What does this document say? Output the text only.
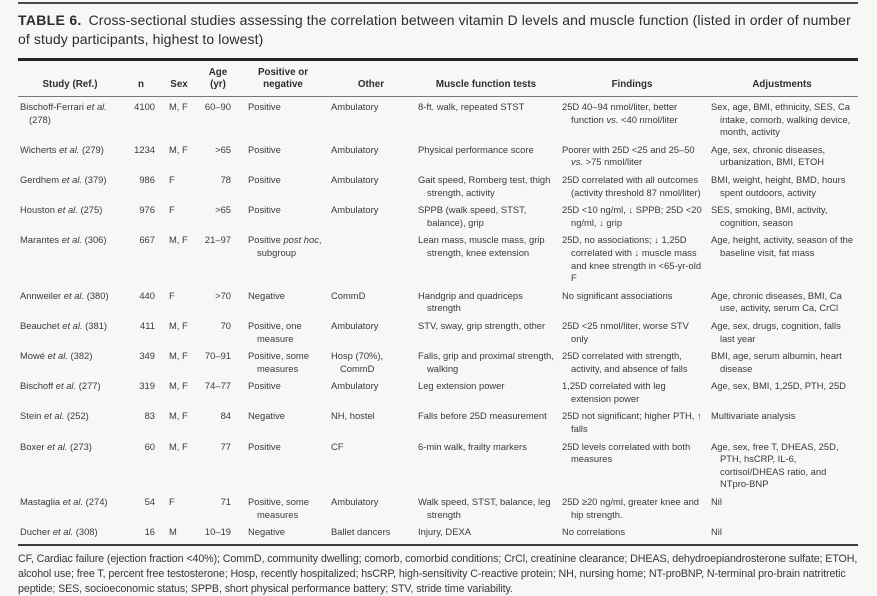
TABLE 6. Cross-sectional studies assessing the correlation between vitamin D levels and muscle function (listed in order of number of study participants, highest to lowest)

Study (Ref.)	n	Sex	Age (yr)	Positive or negative	Other	Muscle function tests	Findings	Adjustments

Bischoff-Ferrari et al. (278)	4100	M, F	60–90	Positive	Ambulatory	8-ft. walk, repeated STST	25D 40–94 nmol/liter, better function vs. <40 nmol/liter	Sex, age, BMI, ethnicity, SES, Ca intake, comorb, walking device, month, activity

Wicherts et al. (279)	1234	M, F	>65	Positive	Ambulatory	Physical performance score	Poorer with 25D <25 and 25–50 vs. >75 nmol/liter	Age, sex, chronic diseases, urbanization, BMI, ETOH

Gerdhem et al. (379)	986	F	78	Positive	Ambulatory	Gait speed, Romberg test, thigh strength, activity	25D correlated with all outcomes (activity threshold 87 nmol/liter)	BMI, weight, height, BMD, hours spent outdoors, activity

Houston et al. (275)	976	F	>65	Positive	Ambulatory	SPPB (walk speed, STST, balance), grip	25D <10 ng/ml, ↓ SPPB; 25D <20 ng/ml, ↓ grip	SES, smoking, BMI, activity, cognition, season

Marantes et al. (306)	667	M, F	21–97	Positive post hoc, subgroup		Lean mass, muscle mass, grip strength, knee extension	25D, no associations; ↓ 1,25D correlated with ↓ muscle mass and knee strength in <65-yr-old F	Age, height, activity, season of the baseline visit, fat mass

Annweiler et al. (380)	440	F	>70	Negative	CommD	Handgrip and quadriceps strength	No significant associations	Age, chronic diseases, BMI, Ca use, activity, serum Ca, CrCl

Beauchet et al. (381)	411	M, F	70	Positive, one measure	Ambulatory	STV, sway, grip strength, other	25D <25 nmol/liter, worse STV only	Age, sex, drugs, cognition, falls last year

Mowé et al. (382)	349	M, F	70–91	Positive, some measures	Hosp (70%), CommD	Falls, grip and proximal strength, walking	25D correlated with strength, activity, and absence of falls	BMI, age, serum albumin, heart disease

Bischoff et al. (277)	319	M, F	74–77	Positive	Ambulatory	Leg extension power	1,25D correlated with leg extension power	Age, sex, BMI, 1,25D, PTH, 25D

Stein et al. (252)	83	M, F	84	Negative	NH, hostel	Falls before 25D measurement	25D not significant; higher PTH, ↑ falls	Multivariate analysis

Boxer et al. (273)	60	M, F	77	Positive	CF	6-min walk, frailty markers	25D levels correlated with both measures	Age, sex, free T, DHEAS, 25D, PTH, hsCRP, IL-6, cortisol/DHEAS ratio, and NTpro-BNP

Mastaglia et al. (274)	54	F	71	Positive, some measures	Ambulatory	Walk speed, STST, balance, leg strength	25D ≥20 ng/ml, greater knee and hip strength.	Nil

Ducher et al. (308)	16	M	10–19	Negative	Ballet dancers	Injury, DEXA	No correlations	Nil

CF, Cardiac failure (ejection fraction <40%); CommD, community dwelling; comorb, comorbid conditions; CrCl, creatinine clearance; DHEAS, dehydroepiandrosterone sulfate; ETOH, alcohol use; free T, percent free testosterone; Hosp, recently hospitalized; hsCRP, high-sensitivity C-reactive protein; NH, nursing home; NT-proBNP, N-terminal pro-brain natritretic peptide; SES, socioeconomic status; SPPB, short physical performance battery; STV, stride time variability.
